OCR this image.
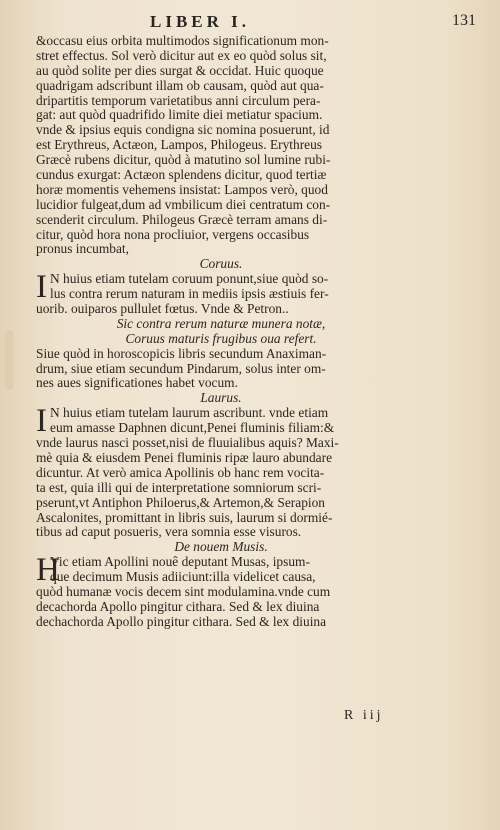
LIBER I.	131
&occasu eius orbita multimodos significationum mon-
stret effectus. Sol verò dicitur aut ex eo quòd solus sit,
au quòd solite per dies surgat & occidat. Huic quoque
quadrigam adscribunt illam ob causam, quòd aut qua-
dripartitis temporum varietatibus anni circulum pera-
gat: aut quòd quadrifido limite diei metiatur spacium.
vnde & ipsius equis condigna sic nomina posuerunt, id
est Erythreus, Actæon, Lampos, Philogeus. Erythreus
Græcè rubens dicitur, quòd à matutino sol lumine rubi-
cundus exurgat: Actæon splendens dicitur, quod tertiæ
horæ momentis vehemens insistat: Lampos verò, quod
lucidior fulgeat,dum ad vmbilicum diei centratum con-
scenderit circulum. Philogeus Græcè terram amans di-
citur, quòd hora nona procliuior, vergens occasibus
pronus incumbat,
Coruus.
I N huius etiam tutelam coruum ponunt,siue quòd so-
lus contra rerum naturam in mediis ipsis æstiuis fer-
uorib. ouiparos pullulet fœtus. Vnde & Petron..
Sic contra rerum naturæ munera notæ,
Coruus maturis frugibus oua refert.
Siue quòd in horoscopicis libris secundum Anaximan-
drum, siue etiam secundum Pindarum, solus inter om-
nes aues significationes habet vocum.
Laurus.
I N huius etiam tutelam laurum ascribunt. vnde etiam
eum amasse Daphnen dicunt,Penei fluminis filiam:&
vnde laurus nasci posset,nisi de fluuialibus aquis? Maxi-
mè quia & eiusdem Penei fluminis ripæ lauro abundare
dicuntur. At verò amica Apollinis ob hanc rem vocita-
ta est, quia illi qui de interpretatione somniorum scri-
pserunt,vt Antiphon Philoerus,& Artemon,& Serapion
Ascalonites, promittant in libris suis, laurum si dormié-
tibus ad caput posueris, vera somnia esse visuros.
De nouem Musis.
H
Vic etiam Apollini nouê deputant Musas, ipsum-
que decimum Musis adiiciunt:illa videlicet causa,
quòd humanæ vocis decem sint modulamina.vnde cum
decachorda Apollo pingitur cithara. Sed & lex diuina
dechachorda Apollo pingitur cithara. Sed & lex diuina
R iij
